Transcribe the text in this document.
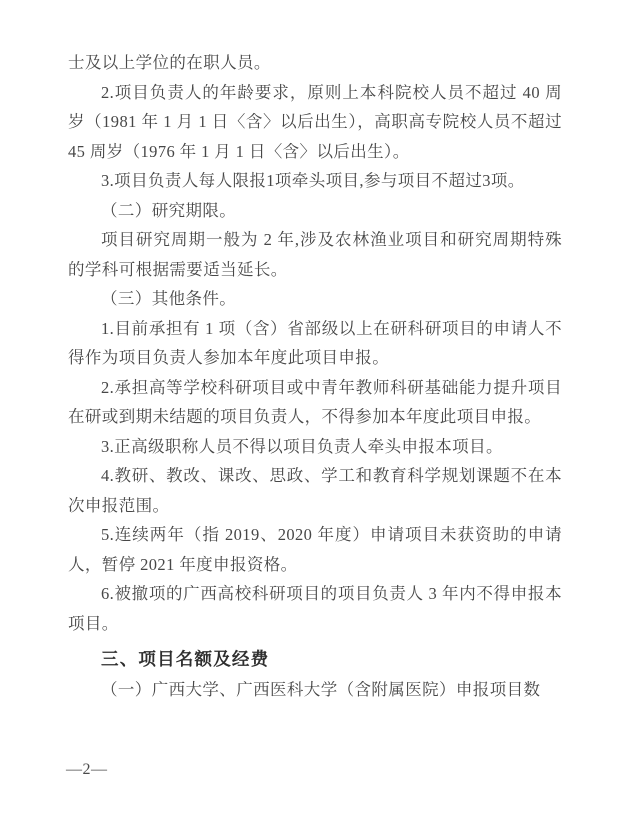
士及以上学位的在职人员。

2.项目负责人的年龄要求，原则上本科院校人员不超过 40 周岁（1981 年 1 月 1 日〈含〉以后出生），高职高专院校人员不超过 45 周岁（1976 年 1 月 1 日〈含〉以后出生）。

3.项目负责人每人限报1项牵头项目,参与项目不超过3项。

（二）研究期限。

项目研究周期一般为 2 年,涉及农林渔业项目和研究周期特殊的学科可根据需要适当延长。

（三）其他条件。

1.目前承担有 1 项（含）省部级以上在研科研项目的申请人不得作为项目负责人参加本年度此项目申报。

2.承担高等学校科研项目或中青年教师科研基础能力提升项目在研或到期未结题的项目负责人，不得参加本年度此项目申报。

3.正高级职称人员不得以项目负责人牵头申报本项目。

4.教研、教改、课改、思政、学工和教育科学规划课题不在本次申报范围。

5.连续两年（指 2019、2020 年度）申请项目未获资助的申请人，暂停 2021 年度申报资格。

6.被撤项的广西高校科研项目的项目负责人 3 年内不得申报本项目。

三、项目名额及经费

（一）广西大学、广西医科大学（含附属医院）申报项目数

—2—
